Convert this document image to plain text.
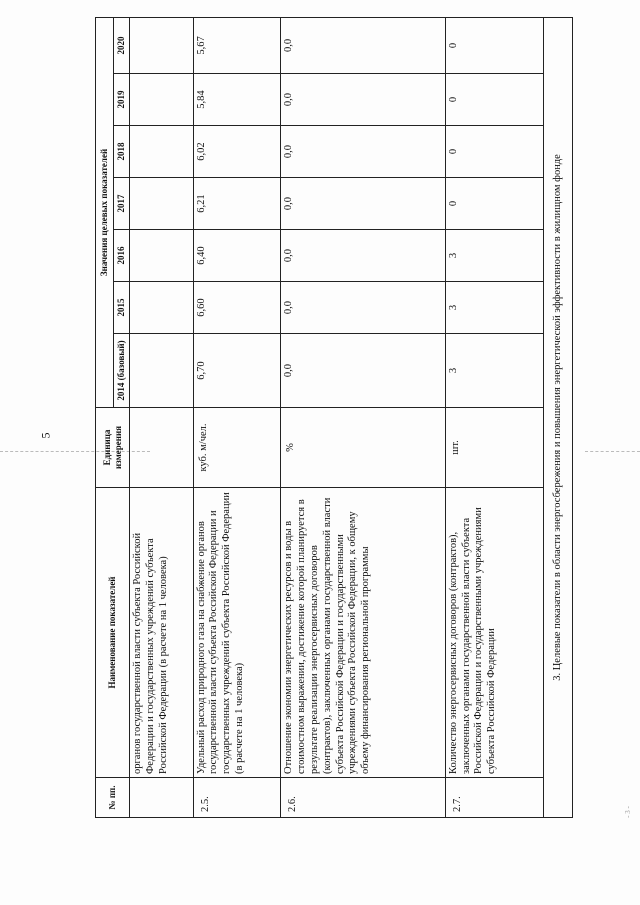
5
- 3 -
№ пп.	Наименование показателей	Единица измерения	Значения целевых показателей						
			2014 (базовый)	2015	2016	2017	2018	2019	2020
	органов государственной власти субъекта Российской Федерации и государственных учреждений субъекта Российской Федерации (в расчете на 1 человека)								
2.5.	Удельный расход природного газа на снабжение органов государственной власти субъекта Российской Федерации и государственных учреждений субъекта Российской Федерации (в расчете на 1 человека)	куб. м/чел.	6,70	6,60	6,40	6,21	6,02	5,84	5,67
2.6.	Отношение экономии энергетических ресурсов и воды в стоимостном выражении, достижение которой планируется в результате реализации энергосервисных договоров (контрактов), заключенных органами государственной власти субъекта Российской Федерации и государственными учреждениями субъекта Российской Федерации, к общему объему финансирования региональной программы	%	0,0	0,0	0,0	0,0	0,0	0,0	0,0
2.7.	Количество энергосервисных договоров (контрактов), заключенных органами государственной власти субъекта Российской Федерации и государственными учреждениями субъекта Российской Федерации	шт.	3	3	3	0	0	0	0
3. Целевые показатели в области энергосбережения и повышения энергетической эффективности в жилищном фонде									
